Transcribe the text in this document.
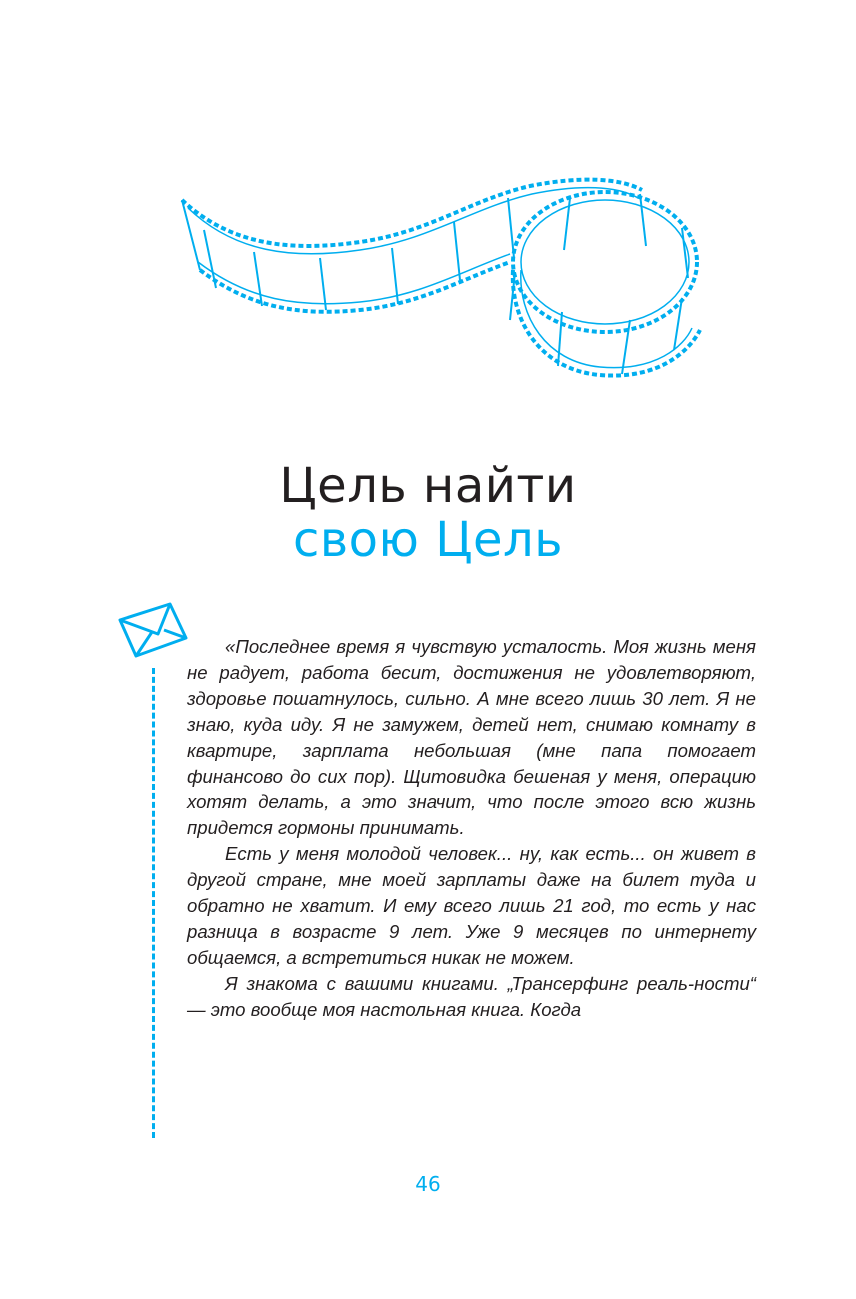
Цель найти
свою Цель

«Последнее время я чувствую усталость. Моя жизнь меня не радует, работа бесит, достижения не удовлетворяют, здоровье пошатнулось, сильно. А мне всего лишь 30 лет. Я не знаю, куда иду. Я не замужем, детей нет, снимаю комнату в квартире, зарплата небольшая (мне папа помогает финансово до сих пор). Щитовидка бешеная у меня, операцию хотят делать, а это значит, что после этого всю жизнь придется гормоны принимать.

Есть у меня молодой человек... ну, как есть... он живет в другой стране, мне моей зарплаты даже на билет туда и обратно не хватит. И ему всего лишь 21 год, то есть у нас разница в возрасте 9 лет. Уже 9 месяцев по интернету общаемся, а встретиться никак не можем.

Я знакома с вашими книгами. „Трансерфинг реаль-ности“ — это вообще моя настольная книга. Когда

46
